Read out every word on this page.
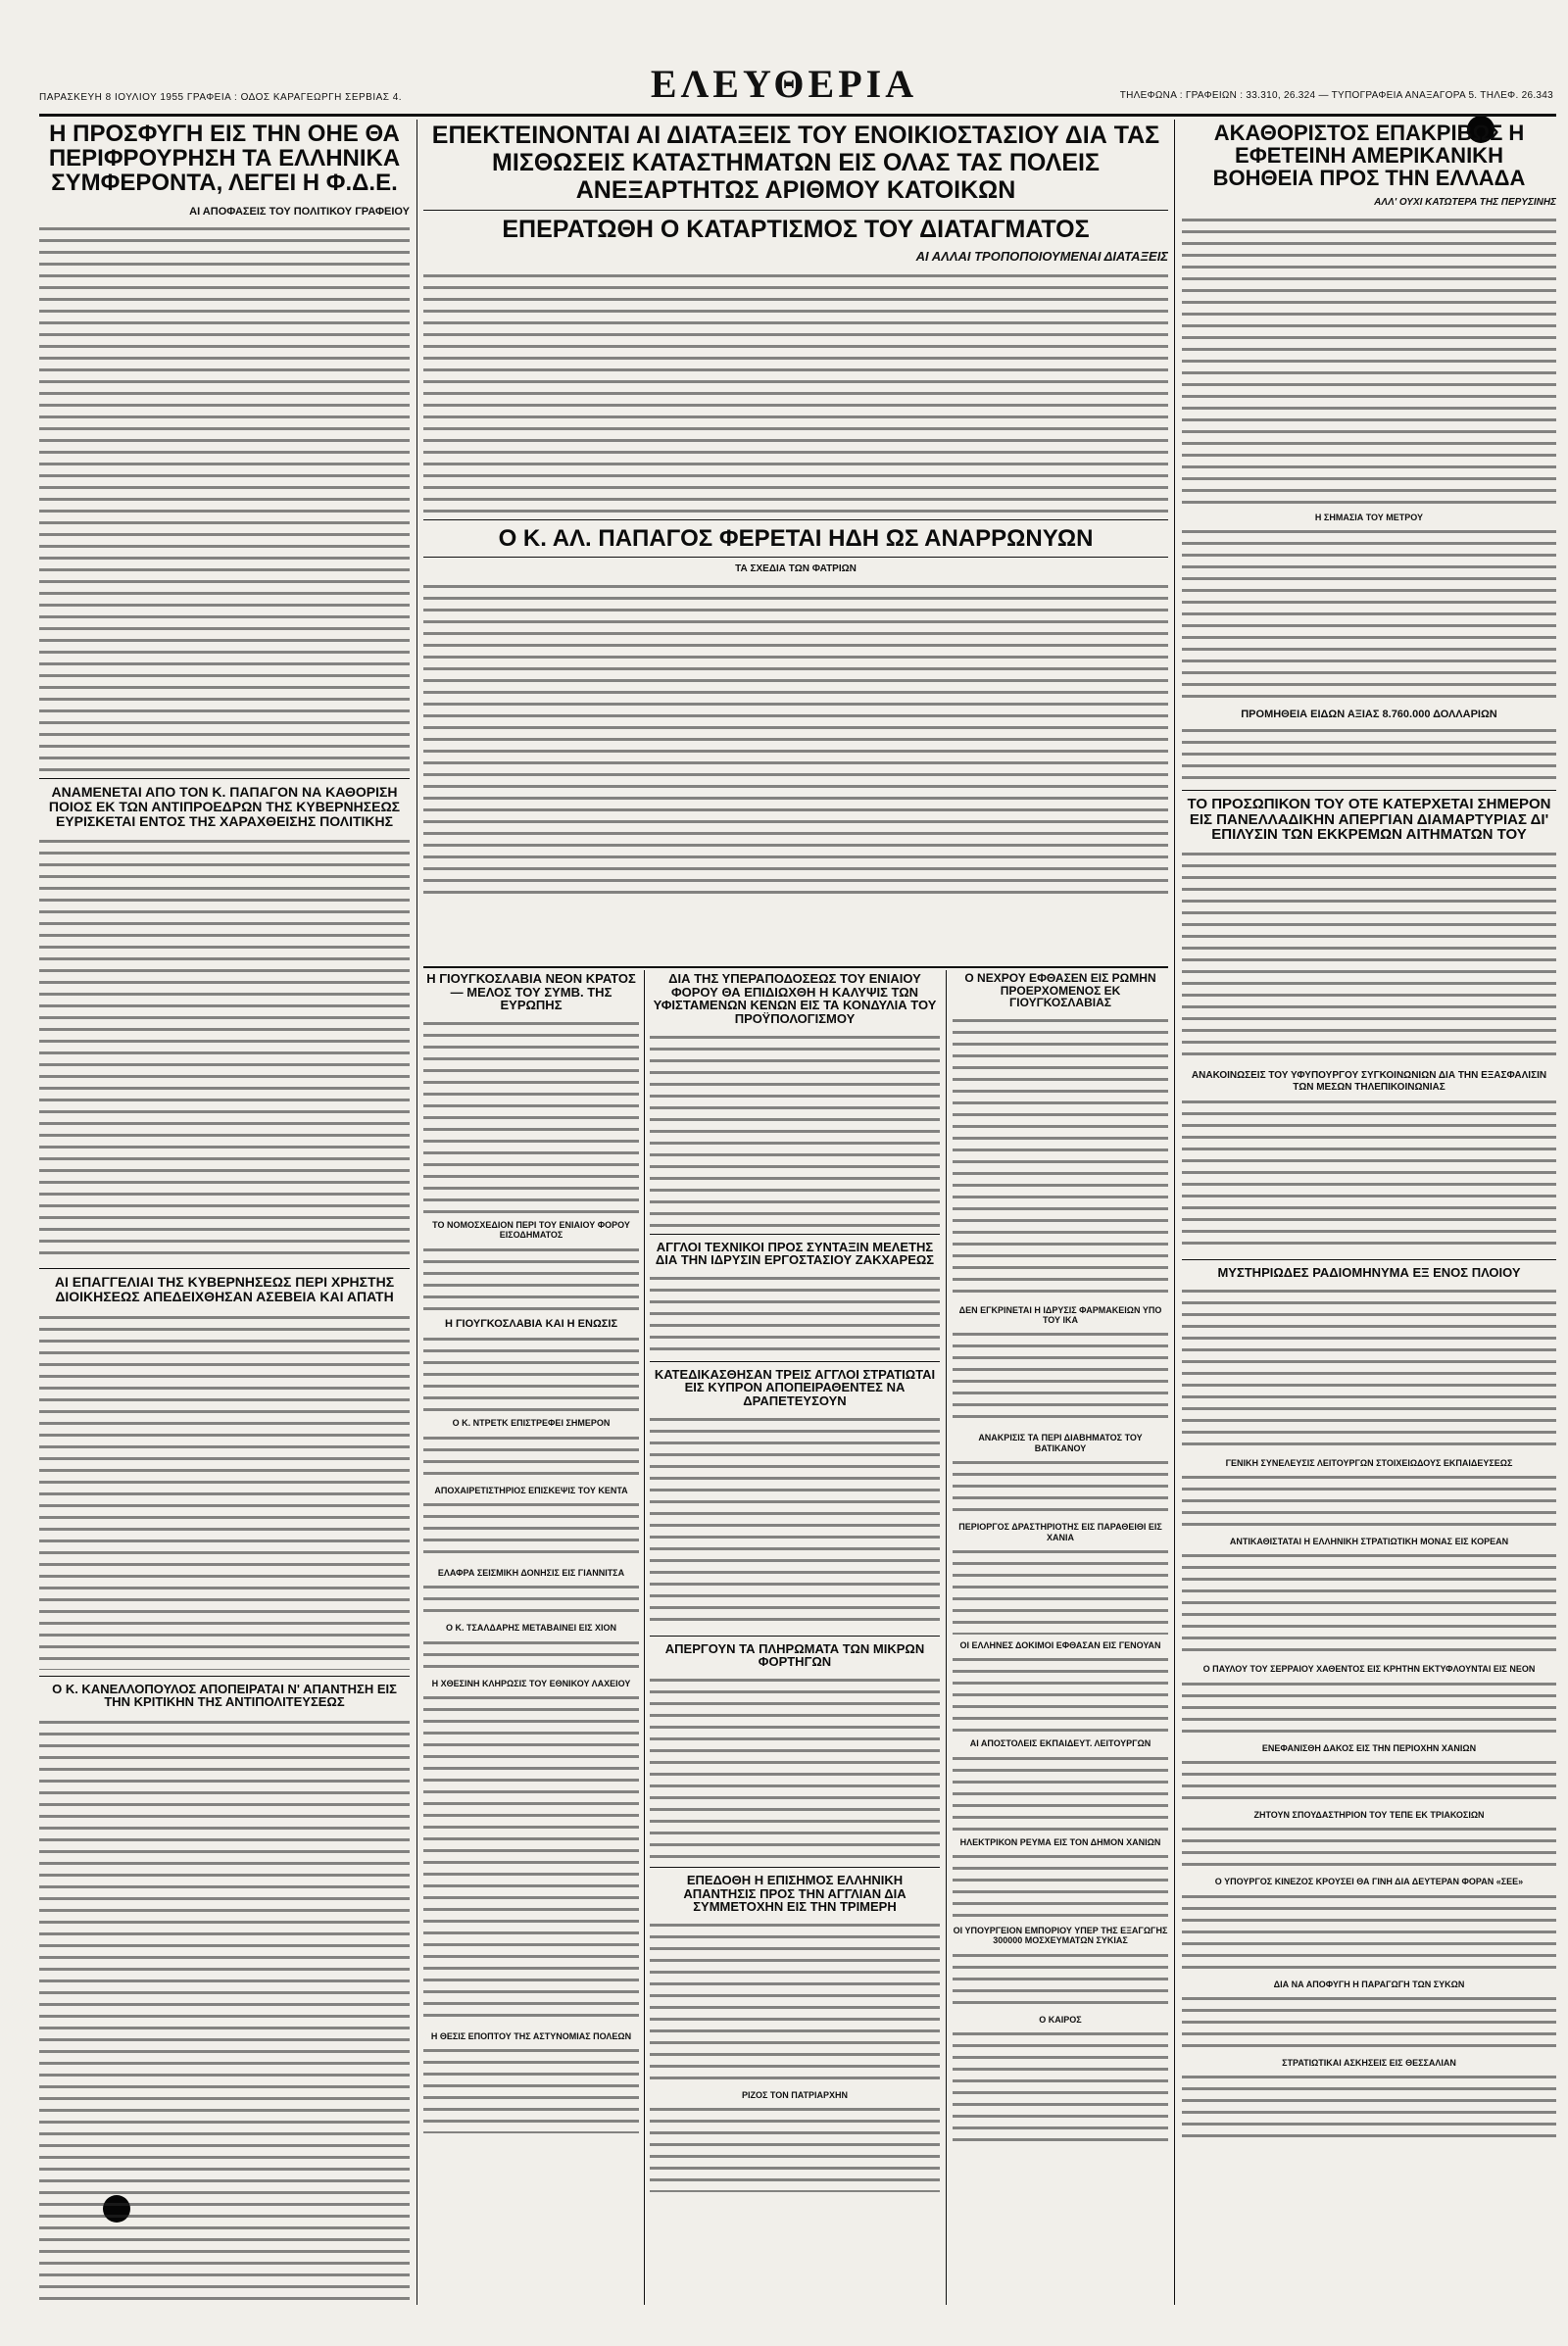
ΠΑΡΑΣΚΕΥΗ 8 ΙΟΥΛΙΟΥ 1955 ΓΡΑΦΕΙΑ : ΟΔΟΣ ΚΑΡΑΓΕΩΡΓΗ ΣΕΡΒΙΑΣ 4.	ΕΛΕΥΘΕΡΙΑ	ΤΗΛΕΦΩΝΑ : ΓΡΑΦΕΙΩΝ : 33.310, 26.324 — ΤΥΠΟΓΡΑΦΕΙΑ ΑΝΑΞΑΓΟΡΑ 5. ΤΗΛΕΦ. 26.343
Η ΠΡΟΣΦΥΓΗ ΕΙΣ ΤΗΝ ΟΗΕ ΘΑ ΠΕΡΙΦΡΟΥΡΗΣΗ ΤΑ ΕΛΛΗΝΙΚΑ ΣΥΜΦΕΡΟΝΤΑ, ΛΕΓΕΙ Η Φ.Δ.Ε.
ΑΙ ΑΠΟΦΑΣΕΙΣ ΤΟΥ ΠΟΛΙΤΙΚΟΥ ΓΡΑΦΕΙΟΥ
ΑΝΑΜΕΝΕΤΑΙ ΑΠΟ ΤΟΝ Κ. ΠΑΠΑΓΟΝ ΝΑ ΚΑΘΟΡΙΣΗ ΠΟΙΟΣ ΕΚ ΤΩΝ ΑΝΤΙΠΡΟΕΔΡΩΝ ΤΗΣ ΚΥΒΕΡΝΗΣΕΩΣ ΕΥΡΙΣΚΕΤΑΙ ΕΝΤΟΣ ΤΗΣ ΧΑΡΑΧΘΕΙΣΗΣ ΠΟΛΙΤΙΚΗΣ
ΑΙ ΕΠΑΓΓΕΛΙΑΙ ΤΗΣ ΚΥΒΕΡΝΗΣΕΩΣ ΠΕΡΙ ΧΡΗΣΤΗΣ ΔΙΟΙΚΗΣΕΩΣ ΑΠΕΔΕΙΧΘΗΣΑΝ ΑΣΕΒΕΙΑ ΚΑΙ ΑΠΑΤΗ
Ο Κ. ΚΑΝΕΛΛΟΠΟΥΛΟΣ ΑΠΟΠΕΙΡΑΤΑΙ Ν' ΑΠΑΝΤΗΣΗ ΕΙΣ ΤΗΝ ΚΡΙΤΙΚΗΝ ΤΗΣ ΑΝΤΙΠΟΛΙΤΕΥΣΕΩΣ
ΕΠΕΚΤΕΙΝΟΝΤΑΙ ΑΙ ΔΙΑΤΑΞΕΙΣ ΤΟΥ ΕΝΟΙΚΙΟΣΤΑΣΙΟΥ ΔΙΑ ΤΑΣ ΜΙΣΘΩΣΕΙΣ ΚΑΤΑΣΤΗΜΑΤΩΝ ΕΙΣ ΟΛΑΣ ΤΑΣ ΠΟΛΕΙΣ ΑΝΕΞΑΡΤΗΤΩΣ ΑΡΙΘΜΟΥ ΚΑΤΟΙΚΩΝ
ΕΠΕΡΑΤΩΘΗ Ο ΚΑΤΑΡΤΙΣΜΟΣ ΤΟΥ ΔΙΑΤΑΓΜΑΤΟΣ
ΑΙ ΑΛΛΑΙ ΤΡΟΠΟΠΟΙΟΥΜΕΝΑΙ ΔΙΑΤΑΞΕΙΣ
Ο Κ. ΑΛ. ΠΑΠΑΓΟΣ ΦΕΡΕΤΑΙ ΗΔΗ ΩΣ ΑΝΑΡΡΩΝΥΩΝ
ΤΑ ΣΧΕΔΙΑ ΤΩΝ ΦΑΤΡΙΩΝ
Η ΓΙΟΥΓΚΟΣΛΑΒΙΑ ΝΕΟΝ ΚΡΑΤΟΣ — ΜΕΛΟΣ ΤΟΥ ΣΥΜΒ. ΤΗΣ ΕΥΡΩΠΗΣ
ΤΟ ΝΟΜΟΣΧΕΔΙΟΝ ΠΕΡΙ ΤΟΥ ΕΝΙΑΙΟΥ ΦΟΡΟΥ ΕΙΣΟΔΗΜΑΤΟΣ
Η ΓΙΟΥΓΚΟΣΛΑΒΙΑ ΚΑΙ Η ΕΝΩΣΙΣ
Ο Κ. ΝΤΡΕΤΚ ΕΠΙΣΤΡΕΦΕΙ ΣΗΜΕΡΟΝ
ΑΠΟΧΑΙΡΕΤΙΣΤΗΡΙΟΣ ΕΠΙΣΚΕΨΙΣ ΤΟΥ ΚΕΝΤΑ
ΕΛΑΦΡΑ ΣΕΙΣΜΙΚΗ ΔΟΝΗΣΙΣ ΕΙΣ ΓΙΑΝΝΙΤΣΑ
Ο Κ. ΤΣΑΛΔΑΡΗΣ ΜΕΤΑΒΑΙΝΕΙ ΕΙΣ ΧΙΟΝ
Η ΧΘΕΣΙΝΗ ΚΛΗΡΩΣΙΣ ΤΟΥ ΕΘΝΙΚΟΥ ΛΑΧΕΙΟΥ
Η ΘΕΣΙΣ ΕΠΟΠΤΟΥ ΤΗΣ ΑΣΤΥΝΟΜΙΑΣ ΠΟΛΕΩΝ
ΔΙΑ ΤΗΣ ΥΠΕΡΑΠΟΔΟΣΕΩΣ ΤΟΥ ΕΝΙΑΙΟΥ ΦΟΡΟΥ ΘΑ ΕΠΙΔΙΩΧΘΗ Η ΚΑΛΥΨΙΣ ΤΩΝ ΥΦΙΣΤΑΜΕΝΩΝ ΚΕΝΩΝ ΕΙΣ ΤΑ ΚΟΝΔΥΛΙΑ ΤΟΥ ΠΡΟΫΠΟΛΟΓΙΣΜΟΥ
ΑΓΓΛΟΙ ΤΕΧΝΙΚΟΙ ΠΡΟΣ ΣΥΝΤΑΞΙΝ ΜΕΛΕΤΗΣ ΔΙΑ ΤΗΝ ΙΔΡΥΣΙΝ ΕΡΓΟΣΤΑΣΙΟΥ ΖΑΚΧΑΡΕΩΣ
ΚΑΤΕΔΙΚΑΣΘΗΣΑΝ ΤΡΕΙΣ ΑΓΓΛΟΙ ΣΤΡΑΤΙΩΤΑΙ ΕΙΣ ΚΥΠΡΟΝ ΑΠΟΠΕΙΡΑΘΕΝΤΕΣ ΝΑ ΔΡΑΠΕΤΕΥΣΟΥΝ
ΑΠΕΡΓΟΥΝ ΤΑ ΠΛΗΡΩΜΑΤΑ ΤΩΝ ΜΙΚΡΩΝ ΦΟΡΤΗΓΩΝ
ΕΠΕΔΟΘΗ Η ΕΠΙΣΗΜΟΣ ΕΛΛΗΝΙΚΗ ΑΠΑΝΤΗΣΙΣ ΠΡΟΣ ΤΗΝ ΑΓΓΛΙΑΝ ΔΙΑ ΣΥΜΜΕΤΟΧΗΝ ΕΙΣ ΤΗΝ ΤΡΙΜΕΡΗ
ΡΙΖΟΣ ΤΟΝ ΠΑΤΡΙΑΡΧΗΝ
Ο ΝΕΧΡΟΥ ΕΦΘΑΣΕΝ ΕΙΣ ΡΩΜΗΝ ΠΡΟΕΡΧΟΜΕΝΟΣ ΕΚ ΓΙΟΥΓΚΟΣΛΑΒΙΑΣ
ΔΕΝ ΕΓΚΡΙΝΕΤΑΙ Η ΙΔΡΥΣΙΣ ΦΑΡΜΑΚΕΙΩΝ ΥΠΟ ΤΟΥ ΙΚΑ
ΑΝΑΚΡΙΣΙΣ ΤΑ ΠΕΡΙ ΔΙΑΒΗΜΑΤΟΣ ΤΟΥ ΒΑΤΙΚΑΝΟΥ
ΠΕΡΙΟΡΓΟΣ ΔΡΑΣΤΗΡΙΟΤΗΣ ΕΙΣ ΠΑΡΑΘΕΙΘΙ ΕΙΣ ΧΑΝΙΑ
ΟΙ ΕΛΛΗΝΕΣ ΔΟΚΙΜΟΙ ΕΦΘΑΣΑΝ ΕΙΣ ΓΕΝΟΥΑΝ
ΑΙ ΑΠΟΣΤΟΛΕΙΣ ΕΚΠΑΙΔΕΥΤ. ΛΕΙΤΟΥΡΓΩΝ
ΗΛΕΚΤΡΙΚΟΝ ΡΕΥΜΑ ΕΙΣ ΤΟΝ ΔΗΜΟΝ ΧΑΝΙΩΝ
ΟΙ ΥΠΟΥΡΓΕΙΟΝ ΕΜΠΟΡΙΟΥ ΥΠΕΡ ΤΗΣ ΕΞΑΓΩΓΗΣ 300000 ΜΟΣΧΕΥΜΑΤΩΝ ΣΥΚΙΑΣ
Ο ΚΑΙΡΟΣ
ΑΚΑΘΟΡΙΣΤΟΣ ΕΠΑΚΡΙΒΩΣ Η ΕΦΕΤΕΙΝΗ ΑΜΕΡΙΚΑΝΙΚΗ ΒΟΗΘΕΙΑ ΠΡΟΣ ΤΗΝ ΕΛΛΑΔΑ
ΑΛΛ' ΟΥΧΙ ΚΑΤΩΤΕΡΑ ΤΗΣ ΠΕΡΥΣΙΝΗΣ
Η ΣΗΜΑΣΙΑ ΤΟΥ ΜΕΤΡΟΥ
ΠΡΟΜΗΘΕΙΑ ΕΙΔΩΝ ΑΞΙΑΣ 8.760.000 ΔΟΛΛΑΡΙΩΝ
ΤΟ ΠΡΟΣΩΠΙΚΟΝ ΤΟΥ ΟΤΕ ΚΑΤΕΡΧΕΤΑΙ ΣΗΜΕΡΟΝ ΕΙΣ ΠΑΝΕΛΛΑΔΙΚΗΝ ΑΠΕΡΓΙΑΝ ΔΙΑΜΑΡΤΥΡΙΑΣ ΔΙ' ΕΠΙΛΥΣΙΝ ΤΩΝ ΕΚΚΡΕΜΩΝ ΑΙΤΗΜΑΤΩΝ ΤΟΥ
ΑΝΑΚΟΙΝΩΣΕΙΣ ΤΟΥ ΥΦΥΠΟΥΡΓΟΥ ΣΥΓΚΟΙΝΩΝΙΩΝ ΔΙΑ ΤΗΝ ΕΞΑΣΦΑΛΙΣΙΝ ΤΩΝ ΜΕΣΩΝ ΤΗΛΕΠΙΚΟΙΝΩΝΙΑΣ
ΜΥΣΤΗΡΙΩΔΕΣ ΡΑΔΙΟΜΗΝΥΜΑ ΕΞ ΕΝΟΣ ΠΛΟΙΟΥ
ΓΕΝΙΚΗ ΣΥΝΕΛΕΥΣΙΣ ΛΕΙΤΟΥΡΓΩΝ ΣΤΟΙΧΕΙΩΔΟΥΣ ΕΚΠΑΙΔΕΥΣΕΩΣ
ΑΝΤΙΚΑΘΙΣΤΑΤΑΙ Η ΕΛΛΗΝΙΚΗ ΣΤΡΑΤΙΩΤΙΚΗ ΜΟΝΑΣ ΕΙΣ ΚΟΡΕΑΝ
Ο ΠΑΥΛΟΥ ΤΟΥ ΣΕΡΡΑΙΟΥ ΧΑΘΕΝΤΟΣ ΕΙΣ ΚΡΗΤΗΝ ΕΚΤΥΦΛΟΥΝΤΑΙ ΕΙΣ ΝΕΟΝ
ΕΝΕΦΑΝΙΣΘΗ ΔΑΚΟΣ ΕΙΣ ΤΗΝ ΠΕΡΙΟΧΗΝ ΧΑΝΙΩΝ
ΖΗΤΟΥΝ ΣΠΟΥΔΑΣΤΗΡΙΟΝ ΤΟΥ ΤΕΠΕ ΕΚ ΤΡΙΑΚΟΣΙΩΝ
Ο ΥΠΟΥΡΓΟΣ ΚΙΝΕΖΟΣ ΚΡΟΥΣΕΙ ΘΑ ΓΙΝΗ ΔΙΑ ΔΕΥΤΕΡΑΝ ΦΟΡΑΝ «ΣΕΕ»
ΔΙΑ ΝΑ ΑΠΟΦΥΓΗ Η ΠΑΡΑΓΩΓΗ ΤΩΝ ΣΥΚΩΝ
ΣΤΡΑΤΙΩΤΙΚΑΙ ΑΣΚΗΣΕΙΣ ΕΙΣ ΘΕΣΣΑΛΙΑΝ
